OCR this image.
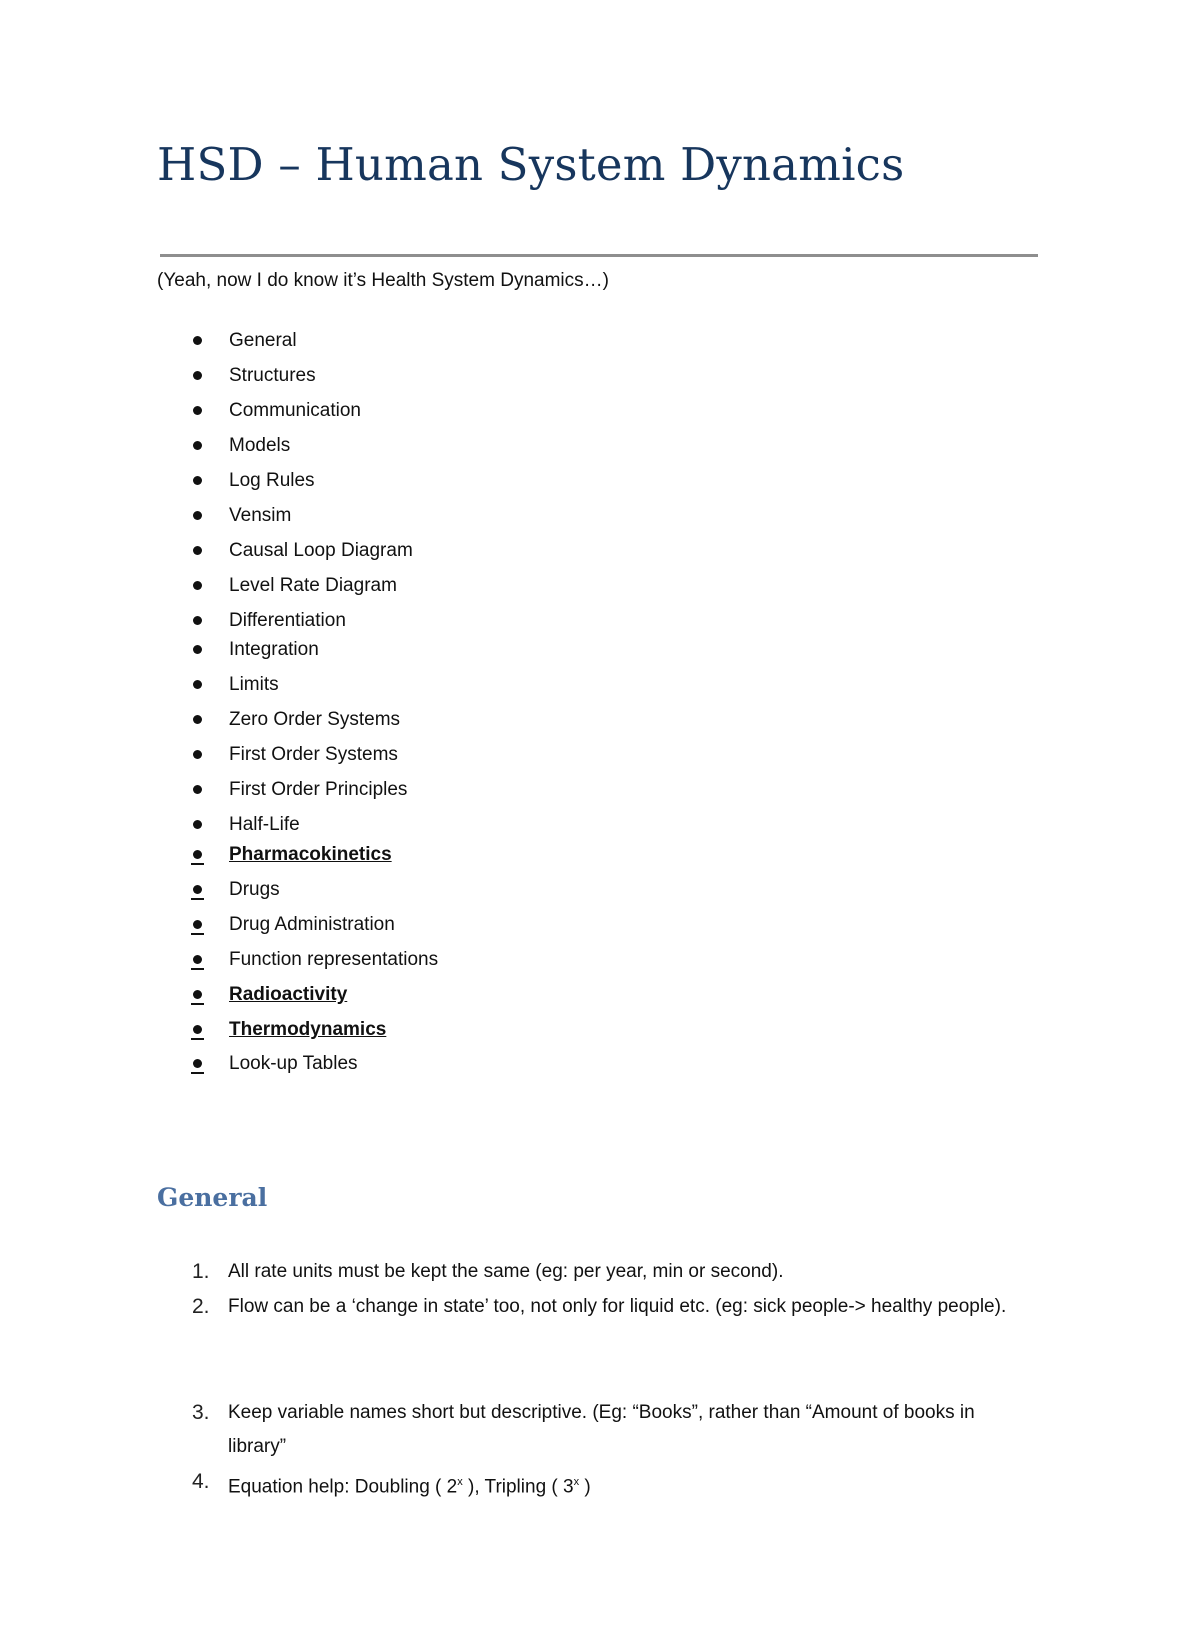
HSD – Human System Dynamics

(Yeah, now I do know it’s Health System Dynamics…)

General
Structures
Communication
Models
Log Rules
Vensim
Causal Loop Diagram
Level Rate Diagram
Differentiation
Integration
Limits
Zero Order Systems
First Order Systems
First Order Principles
Half-Life
Pharmacokinetics
Drugs
Drug Administration
Function representations
Radioactivity
Thermodynamics
Look-up Tables
General
1. All rate units must be kept the same (eg: per year, min or second).
2. Flow can be a ‘change in state’ too, not only for liquid etc. (eg: sick people-> healthy people).
3. Keep variable names short but descriptive. (Eg: “Books”, rather than “Amount of books in library”
4. Equation help: Doubling ( 2$^x$ ), Tripling ( 3$^x$ )
